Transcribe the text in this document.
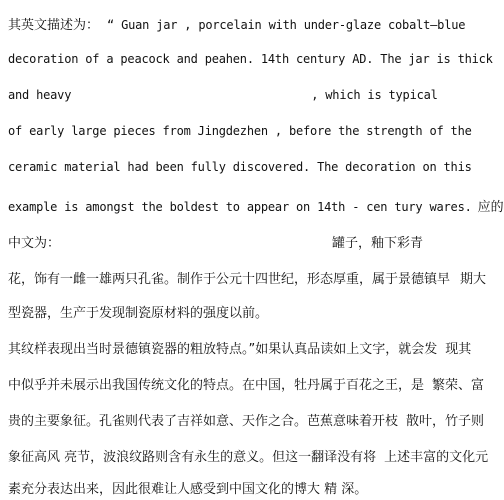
其英文描述为： “ Guan jar , porcelain with under-glaze cobalt—blue
decoration of a peacock and peahen. 14th century AD. The jar is thick
and heavy	, which is typical
of early large pieces from Jingdezhen , before the strength of the
ceramic material had been fully discovered. The decoration on this
example is amongst the boldest to appear on 14th - cen tury wares. 应的
中文为：	罐子，釉下彩青
花，饰有一雌一雄两只孔雀。制作于公元十四世纪，形态厚重，属于景德镇早 期大
型瓷器，生产于发现制瓷原材料的强度以前。
其纹样表现出当时景德镇瓷器的粗放特点。”如果认真品读如上文字，就会发 现其
中似乎并未展示出我国传统文化的特点。在中国，牡丹属于百花之王，是 繁荣、富
贵的主要象征。孔雀则代表了吉祥如意、天作之合。芭蕉意味着开枝 散叶，竹子则
象征高风 亮节，波浪纹路则含有永生的意义。但这一翻译没有将 上述丰富的文化元
素充分表达出来，因此很难让人感受到中国文化的博大 精 深。
